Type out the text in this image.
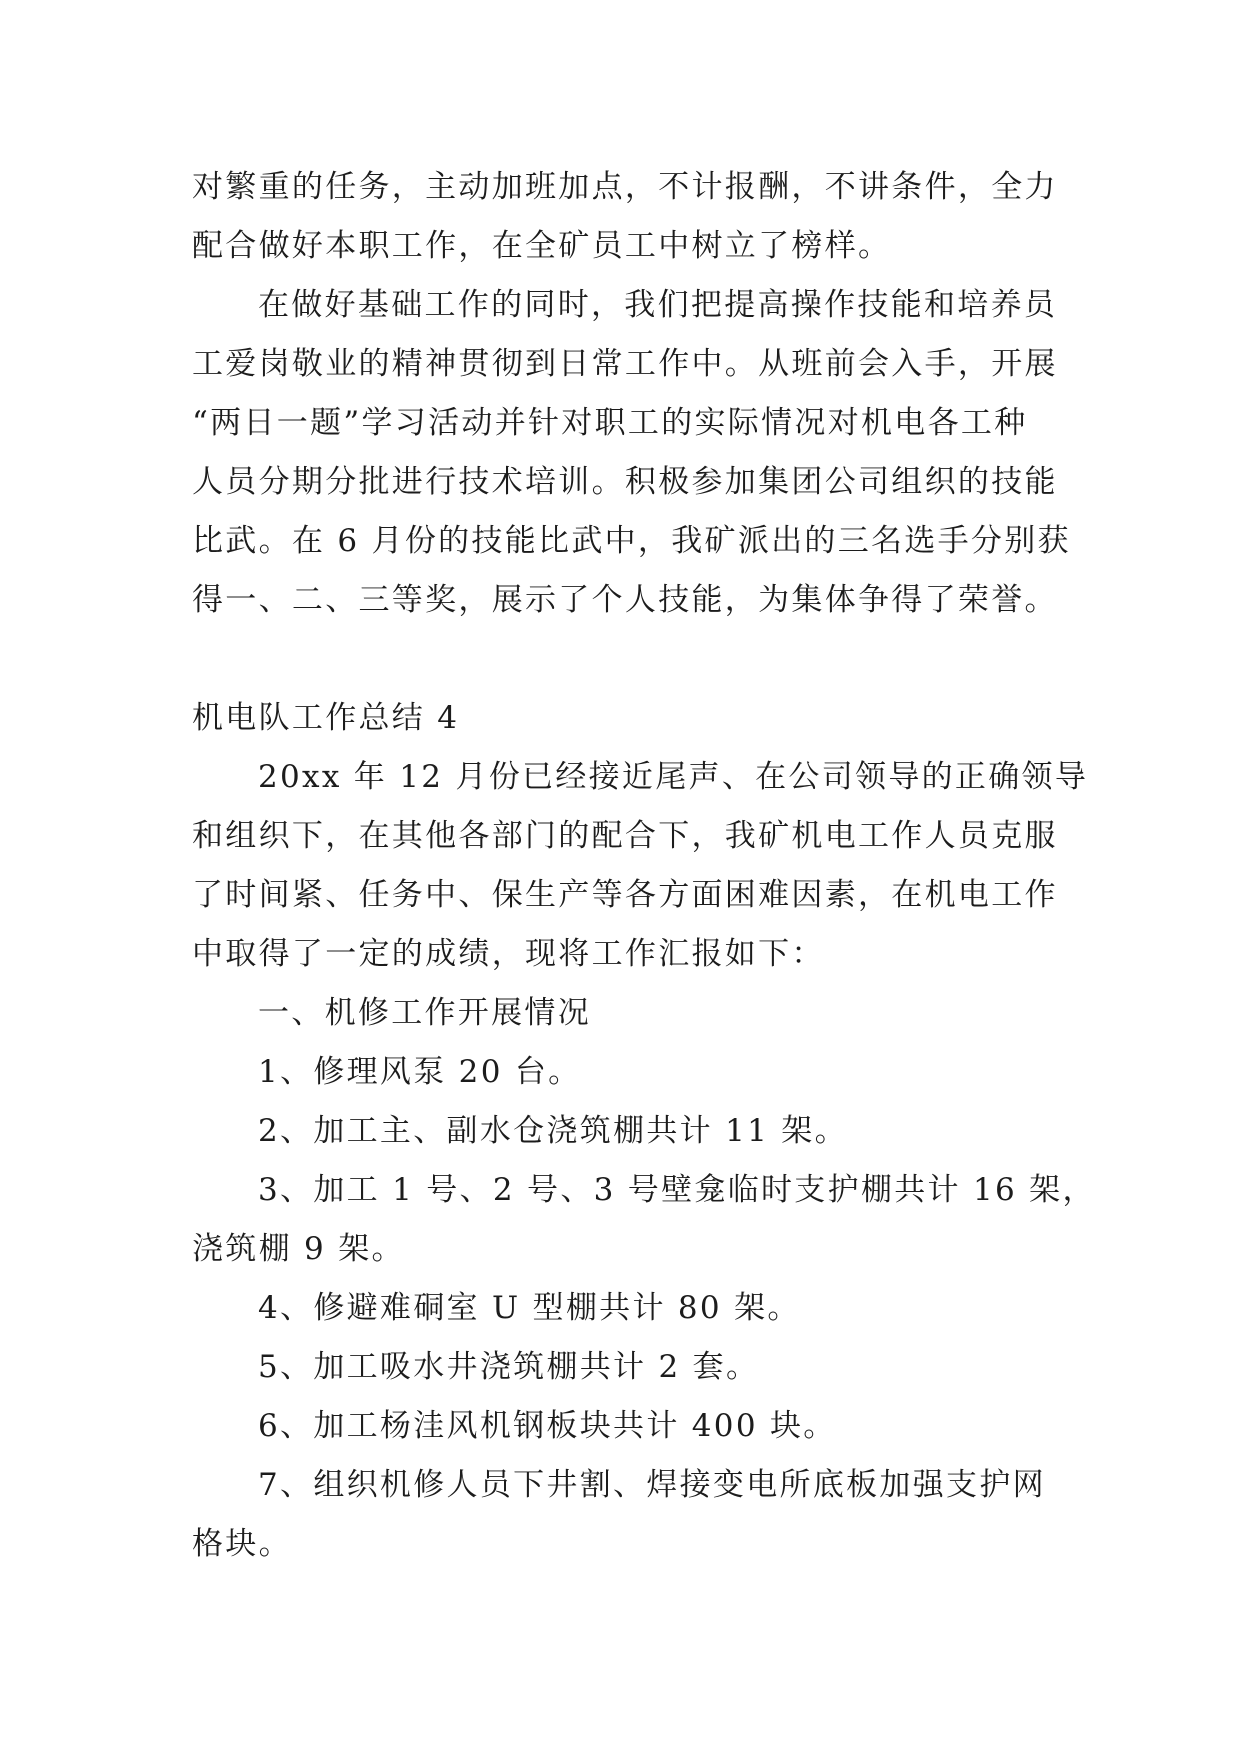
对繁重的任务，主动加班加点，不计报酬，不讲条件，全力
配合做好本职工作，在全矿员工中树立了榜样。
在做好基础工作的同时，我们把提高操作技能和培养员
工爱岗敬业的精神贯彻到日常工作中。从班前会入手，开展
“两日一题”学习活动并针对职工的实际情况对机电各工种
人员分期分批进行技术培训。积极参加集团公司组织的技能
比武。在 6 月份的技能比武中，我矿派出的三名选手分别获
得一、二、三等奖，展示了个人技能，为集体争得了荣誉。
机电队工作总结 4
20xx 年 12 月份已经接近尾声、在公司领导的正确领导
和组织下，在其他各部门的配合下，我矿机电工作人员克服
了时间紧、任务中、保生产等各方面困难因素，在机电工作
中取得了一定的成绩，现将工作汇报如下：
一、机修工作开展情况
1、修理风泵 20 台。
2、加工主、副水仓浇筑棚共计 11 架。
3、加工 1 号、2 号、3 号壁龛临时支护棚共计 16 架，
浇筑棚 9 架。
4、修避难硐室 U 型棚共计 80 架。
5、加工吸水井浇筑棚共计 2 套。
6、加工杨洼风机钢板块共计 400 块。
7、组织机修人员下井割、焊接变电所底板加强支护网
格块。
